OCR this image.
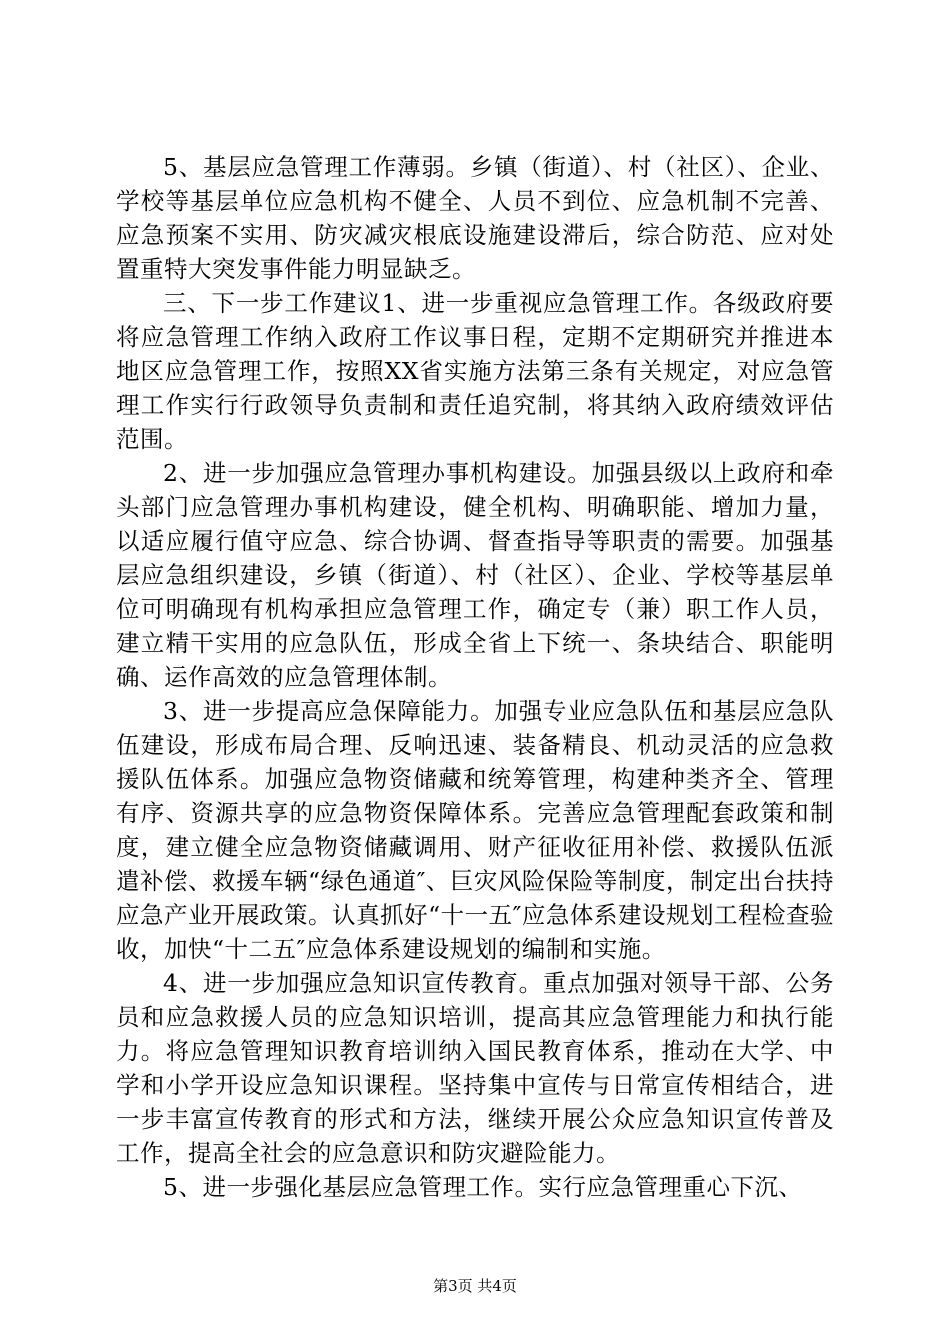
5、基层应急管理工作薄弱。乡镇（街道）、村（社区）、企业、学校等基层单位应急机构不健全、人员不到位、应急机制不完善、应急预案不实用、防灾减灾根底设施建设滞后，综合防范、应对处置重特大突发事件能力明显缺乏。

三、下一步工作建议1、进一步重视应急管理工作。各级政府要将应急管理工作纳入政府工作议事日程，定期不定期研究并推进本地区应急管理工作，按照XX省实施方法第三条有关规定，对应急管理工作实行行政领导负责制和责任追究制，将其纳入政府绩效评估范围。

2、进一步加强应急管理办事机构建设。加强县级以上政府和牵头部门应急管理办事机构建设，健全机构、明确职能、增加力量，以适应履行值守应急、综合协调、督查指导等职责的需要。加强基层应急组织建设，乡镇（街道）、村（社区）、企业、学校等基层单位可明确现有机构承担应急管理工作，确定专（兼）职工作人员，建立精干实用的应急队伍，形成全省上下统一、条块结合、职能明确、运作高效的应急管理体制。

3、进一步提高应急保障能力。加强专业应急队伍和基层应急队伍建设，形成布局合理、反响迅速、装备精良、机动灵活的应急救援队伍体系。加强应急物资储藏和统筹管理，构建种类齐全、管理有序、资源共享的应急物资保障体系。完善应急管理配套政策和制度，建立健全应急物资储藏调用、财产征收征用补偿、救援队伍派遣补偿、救援车辆“绿色通道″、巨灾风险保险等制度，制定出台扶持应急产业开展政策。认真抓好“十一五″应急体系建设规划工程检查验收，加快“十二五″应急体系建设规划的编制和实施。

4、进一步加强应急知识宣传教育。重点加强对领导干部、公务员和应急救援人员的应急知识培训，提高其应急管理能力和执行能力。将应急管理知识教育培训纳入国民教育体系，推动在大学、中学和小学开设应急知识课程。坚持集中宣传与日常宣传相结合，进一步丰富宣传教育的形式和方法，继续开展公众应急知识宣传普及工作，提高全社会的应急意识和防灾避险能力。

5、进一步强化基层应急管理工作。实行应急管理重心下沉、

第3页 共4页
